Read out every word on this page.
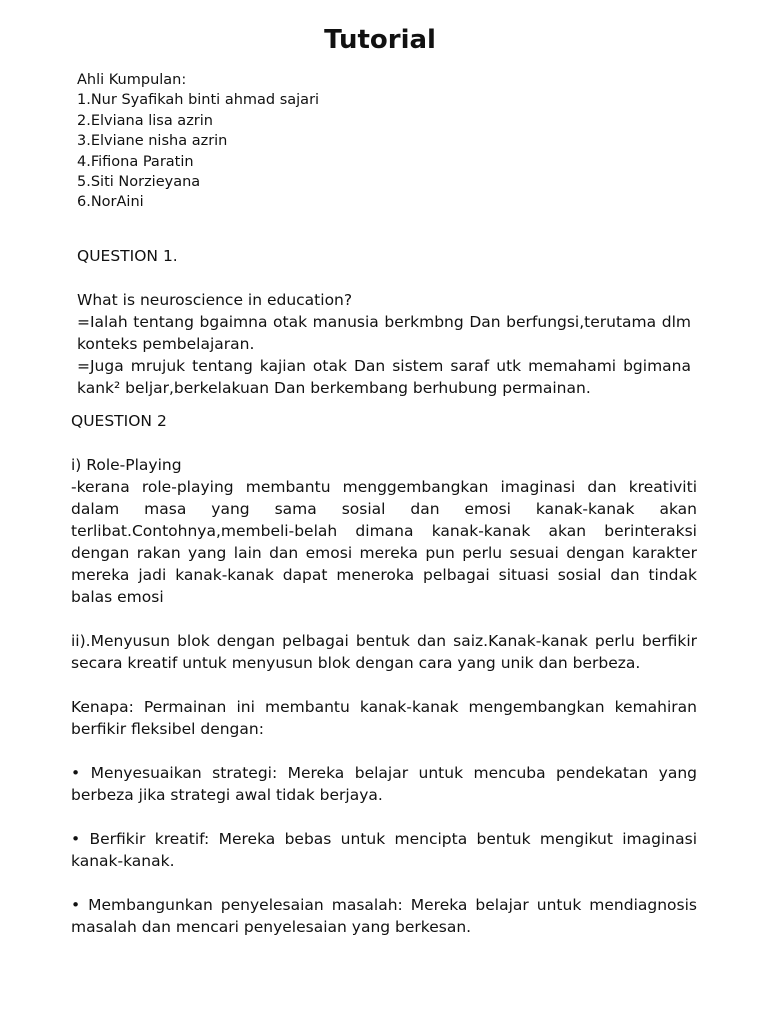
Tutorial
Ahli Kumpulan:
1.Nur Syafikah binti ahmad sajari
2.Elviana lisa azrin
3.Elviane nisha azrin
4.Fifiona Paratin
5.Siti Norzieyana
6.NorAini

QUESTION 1.

What is neuroscience in education?

=Ialah tentang bgaimna otak manusia berkmbng Dan berfungsi,terutama dlm konteks pembelajaran.

=Juga mrujuk tentang kajian otak Dan sistem saraf utk memahami bgimana kank² beljar,berkelakuan Dan berkembang berhubung permainan.

QUESTION 2

i) Role-Playing

-kerana role-playing membantu menggembangkan imaginasi dan kreativiti dalam masa yang sama sosial dan emosi kanak-kanak akan terlibat.Contohnya,membeli-belah dimana kanak-kanak akan berinteraksi dengan rakan yang lain dan emosi mereka pun perlu sesuai dengan karakter mereka jadi kanak-kanak dapat meneroka pelbagai situasi sosial dan tindak balas emosi

ii).Menyusun blok dengan pelbagai bentuk dan saiz.Kanak-kanak perlu berfikir secara kreatif untuk menyusun blok dengan cara yang unik dan berbeza.

Kenapa: Permainan ini membantu kanak-kanak mengembangkan kemahiran berfikir fleksibel dengan:

• Menyesuaikan strategi: Mereka belajar untuk mencuba pendekatan yang berbeza jika strategi awal tidak berjaya.

• Berfikir kreatif: Mereka bebas untuk mencipta bentuk mengikut imaginasi kanak-kanak.

• Membangunkan penyelesaian masalah: Mereka belajar untuk mendiagnosis masalah dan mencari penyelesaian yang berkesan.
